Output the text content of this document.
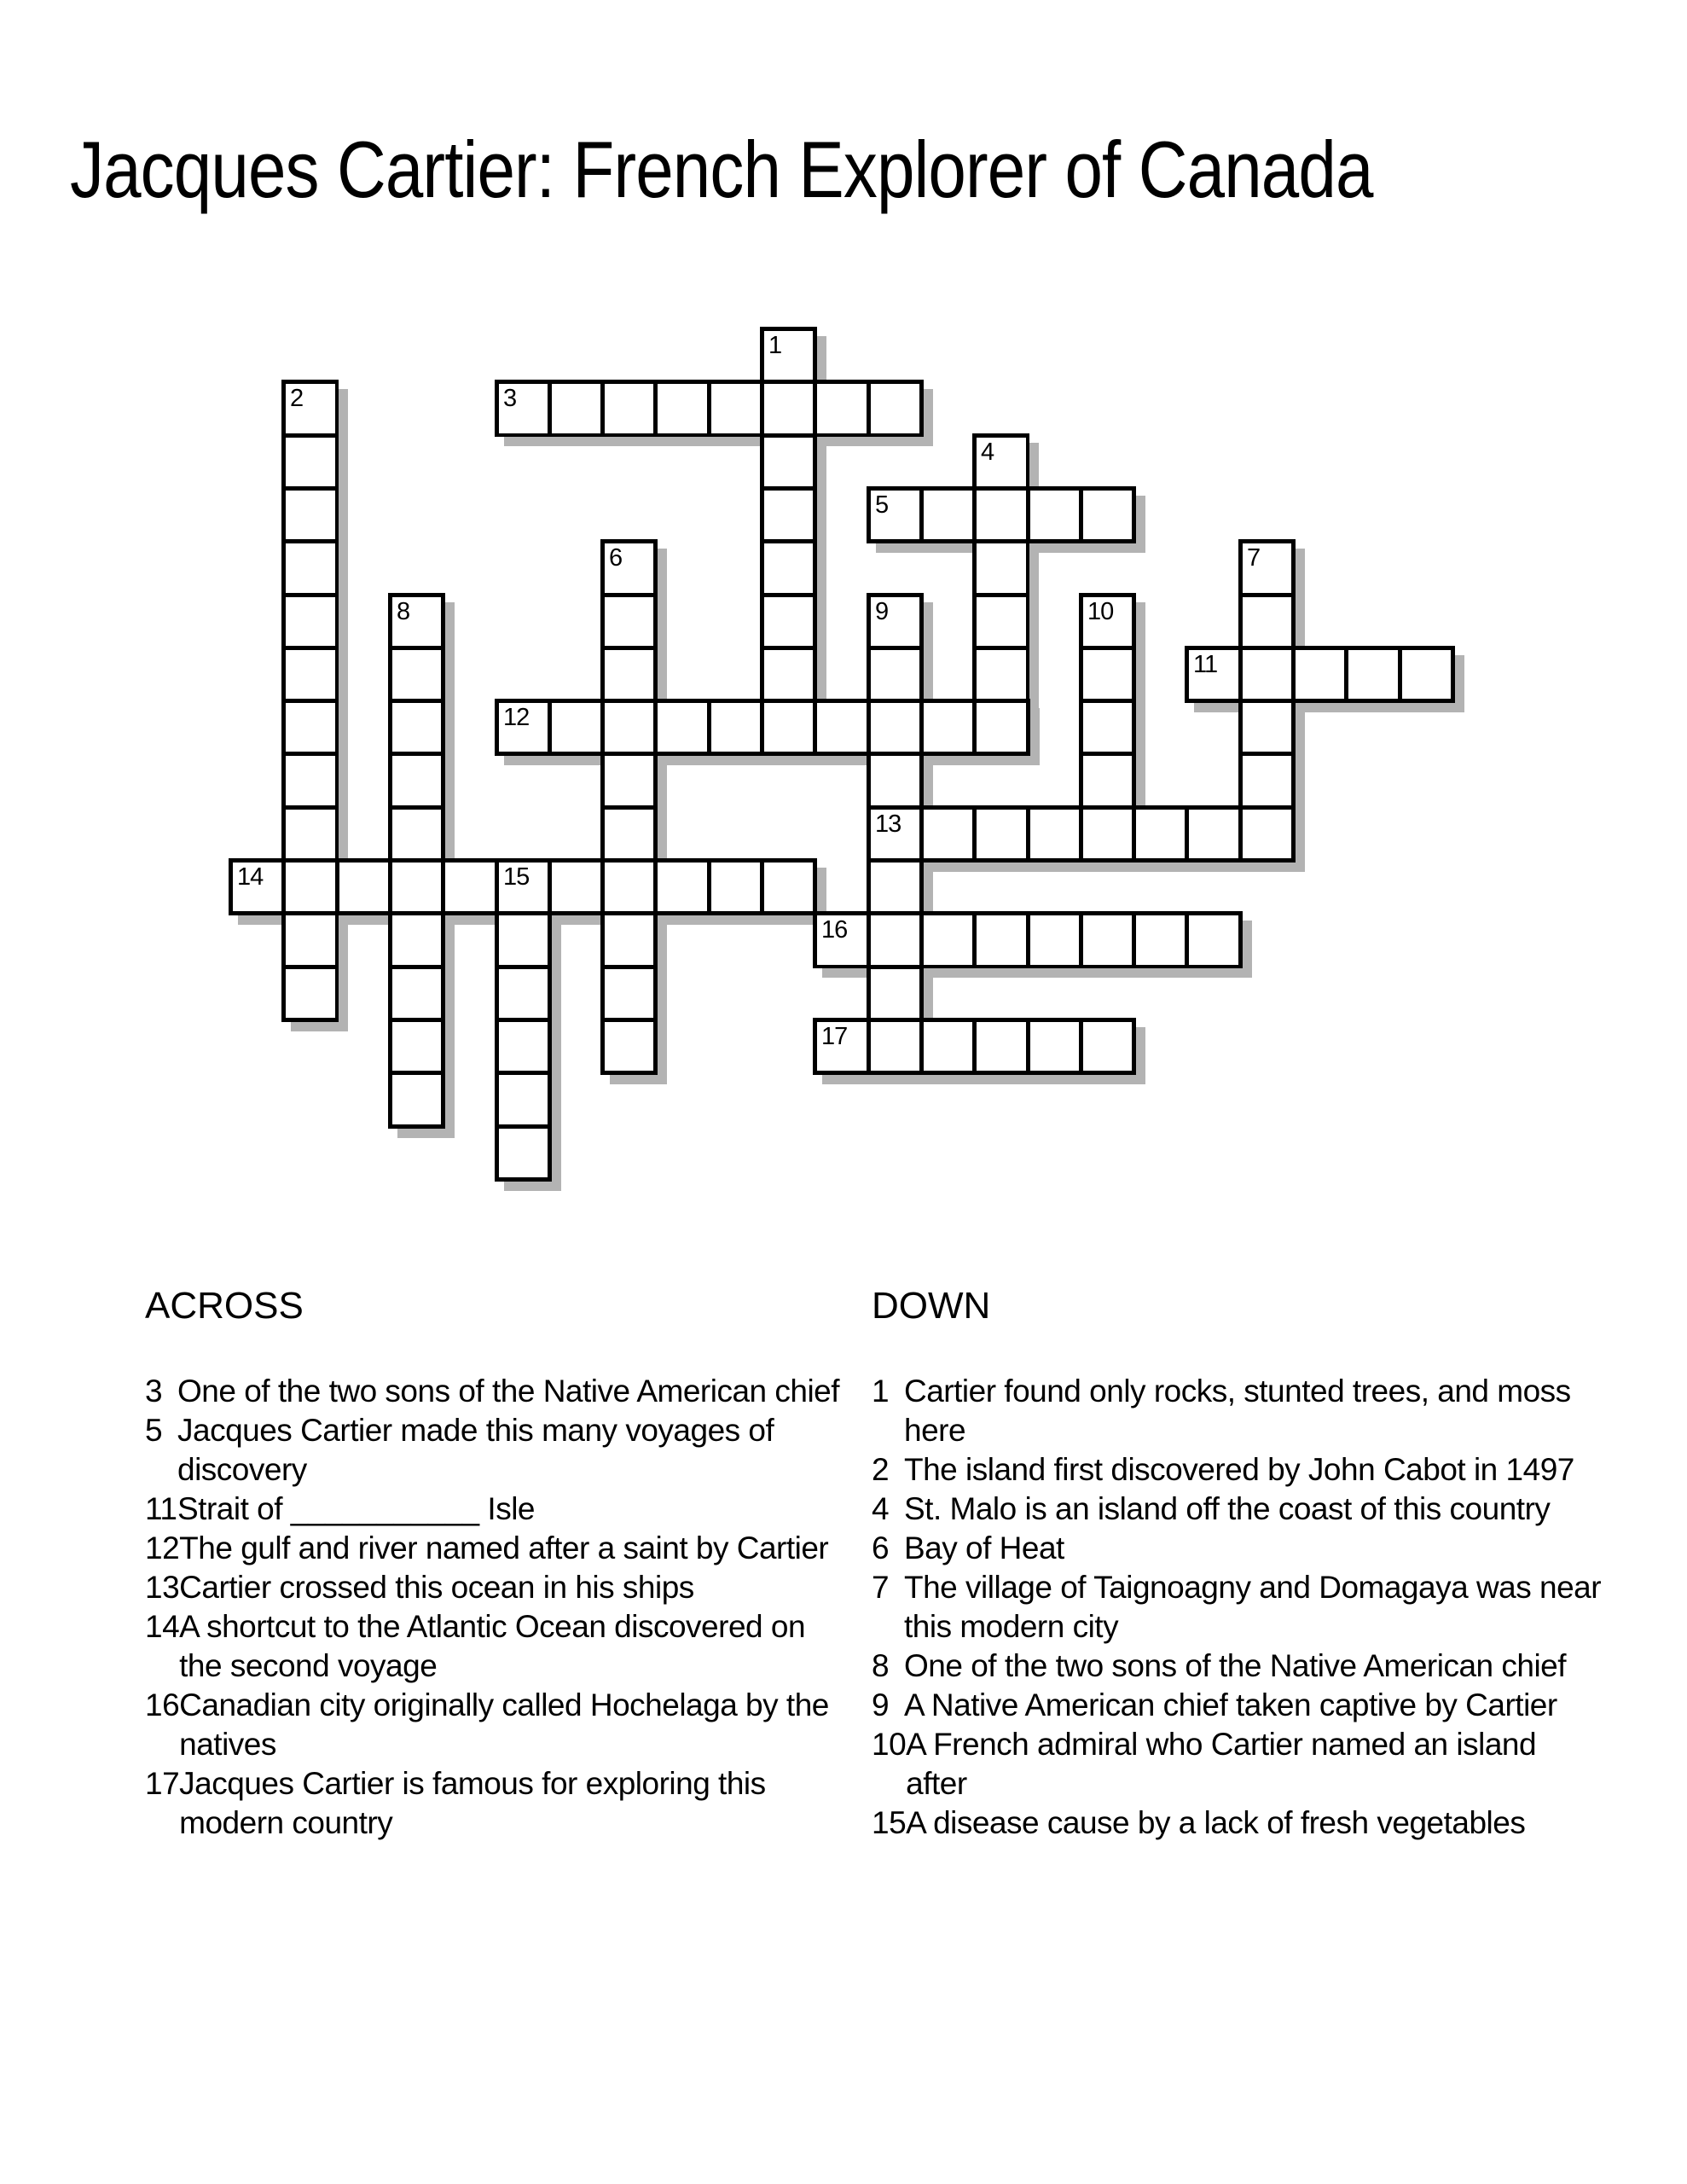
Jacques Cartier: French Explorer of Canada
1
2	3
4
5
6	7
8	9	10
11
12
13
14	15
16
17
ACROSS
3 One of the two sons of the Native American chief
5 Jacques Cartier made this many voyages of discovery
11 Strait of ___________ Isle
12 The gulf and river named after a saint by Cartier
13 Cartier crossed this ocean in his ships
14 A shortcut to the Atlantic Ocean discovered on the second voyage
16 Canadian city originally called Hochelaga by the natives
17 Jacques Cartier is famous for exploring this modern country
DOWN
1 Cartier found only rocks, stunted trees, and moss here
2 The island first discovered by John Cabot in 1497
4 St. Malo is an island off the coast of this country
6 Bay of Heat
7 The village of Taignoagny and Domagaya was near this modern city
8 One of the two sons of the Native American chief
9 A Native American chief taken captive by Cartier
10 A French admiral who Cartier named an island after
15 A disease cause by a lack of fresh vegetables
